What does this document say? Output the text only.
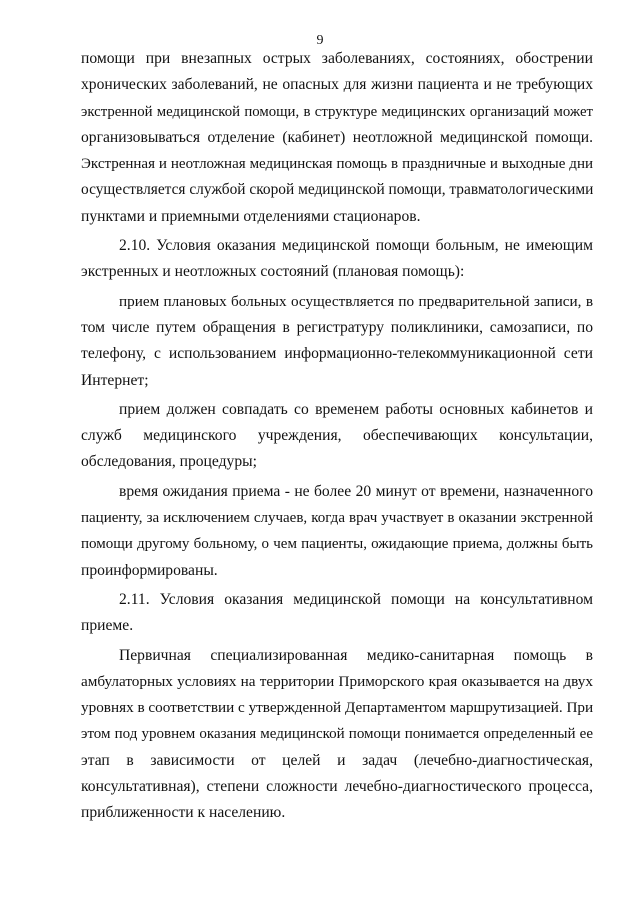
9
помощи при внезапных острых заболеваниях, состояниях, обострении
хронических заболеваний, не опасных для жизни пациента и не требующих
экстренной медицинской помощи, в структуре медицинских организаций может
организовываться отделение (кабинет) неотложной медицинской помощи.
Экстренная и неотложная медицинская помощь в праздничные и выходные дни
осуществляется службой скорой медицинской помощи, травматологическими
пунктами и приемными отделениями стационаров.
2.10. Условия оказания медицинской помощи больным, не имеющим
экстренных и неотложных состояний (плановая помощь):
прием плановых больных осуществляется по предварительной записи, в
том числе путем обращения в регистратуру поликлиники, самозаписи, по
телефону, с использованием информационно-телекоммуникационной сети
Интернет;
прием должен совпадать со временем работы основных кабинетов и
служб медицинского учреждения, обеспечивающих консультации,
обследования, процедуры;
время ожидания приема - не более 20 минут от времени, назначенного
пациенту, за исключением случаев, когда врач участвует в оказании экстренной
помощи другому больному, о чем пациенты, ожидающие приема, должны быть
проинформированы.
2.11. Условия оказания медицинской помощи на консультативном
приеме.
Первичная специализированная медико-санитарная помощь в
амбулаторных условиях на территории Приморского края оказывается на двух
уровнях в соответствии с утвержденной Департаментом маршрутизацией. При
этом под уровнем оказания медицинской помощи понимается определенный ее
этап в зависимости от целей и задач (лечебно-диагностическая,
консультативная), степени сложности лечебно-диагностического процесса,
приближенности к населению.
